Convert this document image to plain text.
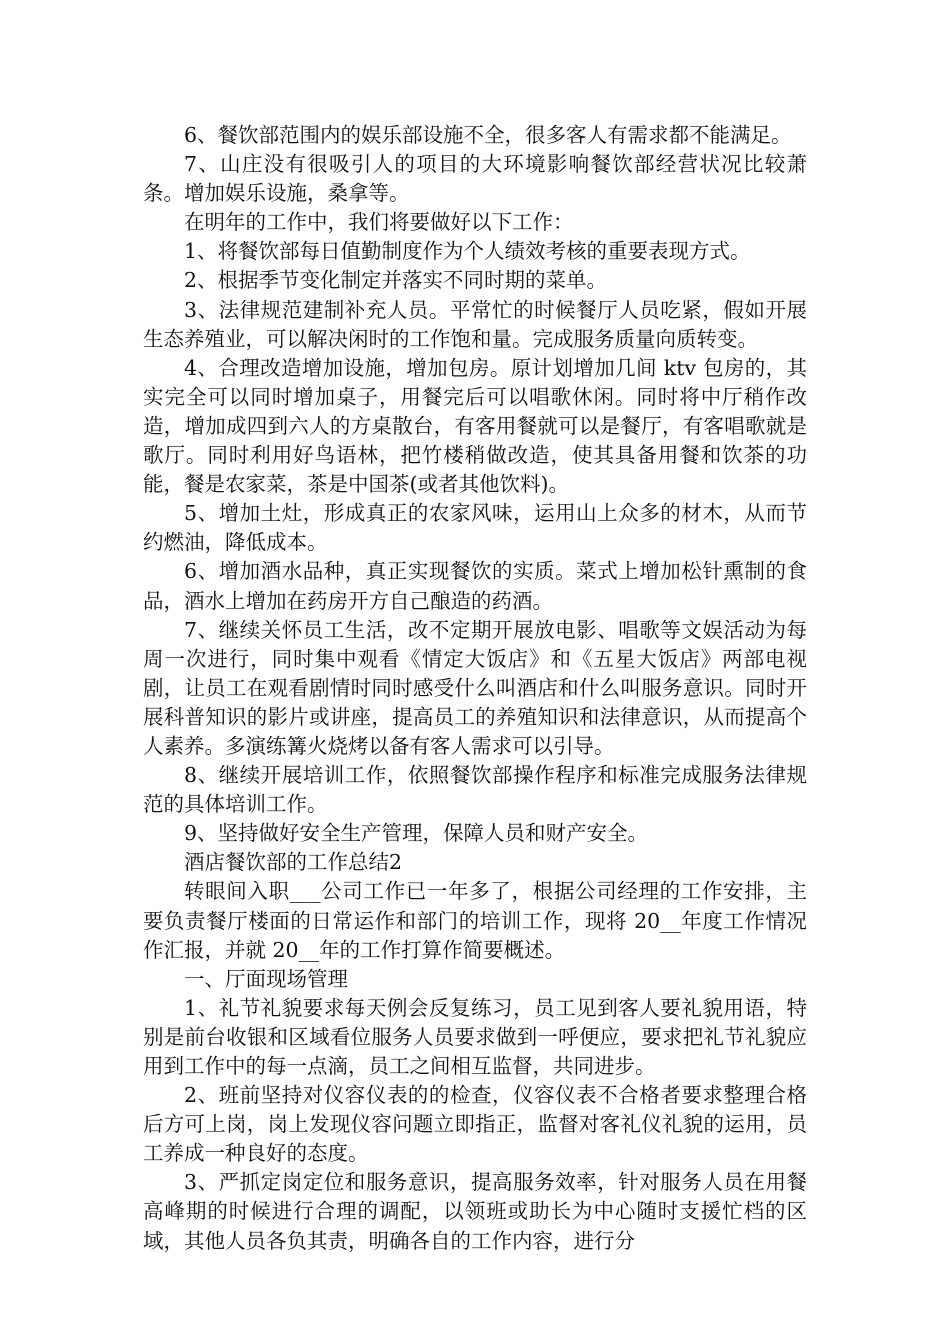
6、餐饮部范围内的娱乐部设施不全，很多客人有需求都不能满足。

7、山庄没有很吸引人的项目的大环境影响餐饮部经营状况比较萧条。增加娱乐设施，桑拿等。

在明年的工作中，我们将要做好以下工作：

1、将餐饮部每日值勤制度作为个人绩效考核的重要表现方式。

2、根据季节变化制定并落实不同时期的菜单。

3、法律规范建制补充人员。平常忙的时候餐厅人员吃紧，假如开展生态养殖业，可以解决闲时的工作饱和量。完成服务质量向质转变。

4、合理改造增加设施，增加包房。原计划增加几间 ktv 包房的，其实完全可以同时增加桌子，用餐完后可以唱歌休闲。同时将中厅稍作改造，增加成四到六人的方桌散台，有客用餐就可以是餐厅，有客唱歌就是歌厅。同时利用好鸟语林，把竹楼稍做改造，使其具备用餐和饮茶的功能，餐是农家菜，茶是中国茶(或者其他饮料)。

5、增加土灶，形成真正的农家风味，运用山上众多的材木，从而节约燃油，降低成本。

6、增加酒水品种，真正实现餐饮的实质。菜式上增加松针熏制的食品，酒水上增加在药房开方自己酿造的药酒。

7、继续关怀员工生活，改不定期开展放电影、唱歌等文娱活动为每周一次进行，同时集中观看《情定大饭店》和《五星大饭店》两部电视剧，让员工在观看剧情时同时感受什么叫酒店和什么叫服务意识。同时开展科普知识的影片或讲座，提高员工的养殖知识和法律意识，从而提高个人素养。多演练篝火烧烤以备有客人需求可以引导。

8、继续开展培训工作，依照餐饮部操作程序和标准完成服务法律规范的具体培训工作。

9、坚持做好安全生产管理，保障人员和财产安全。

酒店餐饮部的工作总结2

转眼间入职___公司工作已一年多了，根据公司经理的工作安排，主要负责餐厅楼面的日常运作和部门的培训工作，现将 20__年度工作情况作汇报，并就 20__年的工作打算作简要概述。

一、厅面现场管理

1、礼节礼貌要求每天例会反复练习，员工见到客人要礼貌用语，特别是前台收银和区域看位服务人员要求做到一呼便应，要求把礼节礼貌应用到工作中的每一点滴，员工之间相互监督，共同进步。

2、班前坚持对仪容仪表的的检查，仪容仪表不合格者要求整理合格后方可上岗，岗上发现仪容问题立即指正，监督对客礼仪礼貌的运用，员工养成一种良好的态度。

3、严抓定岗定位和服务意识，提高服务效率，针对服务人员在用餐高峰期的时候进行合理的调配，以领班或助长为中心随时支援忙档的区域，其他人员各负其责，明确各自的工作内容，进行分
